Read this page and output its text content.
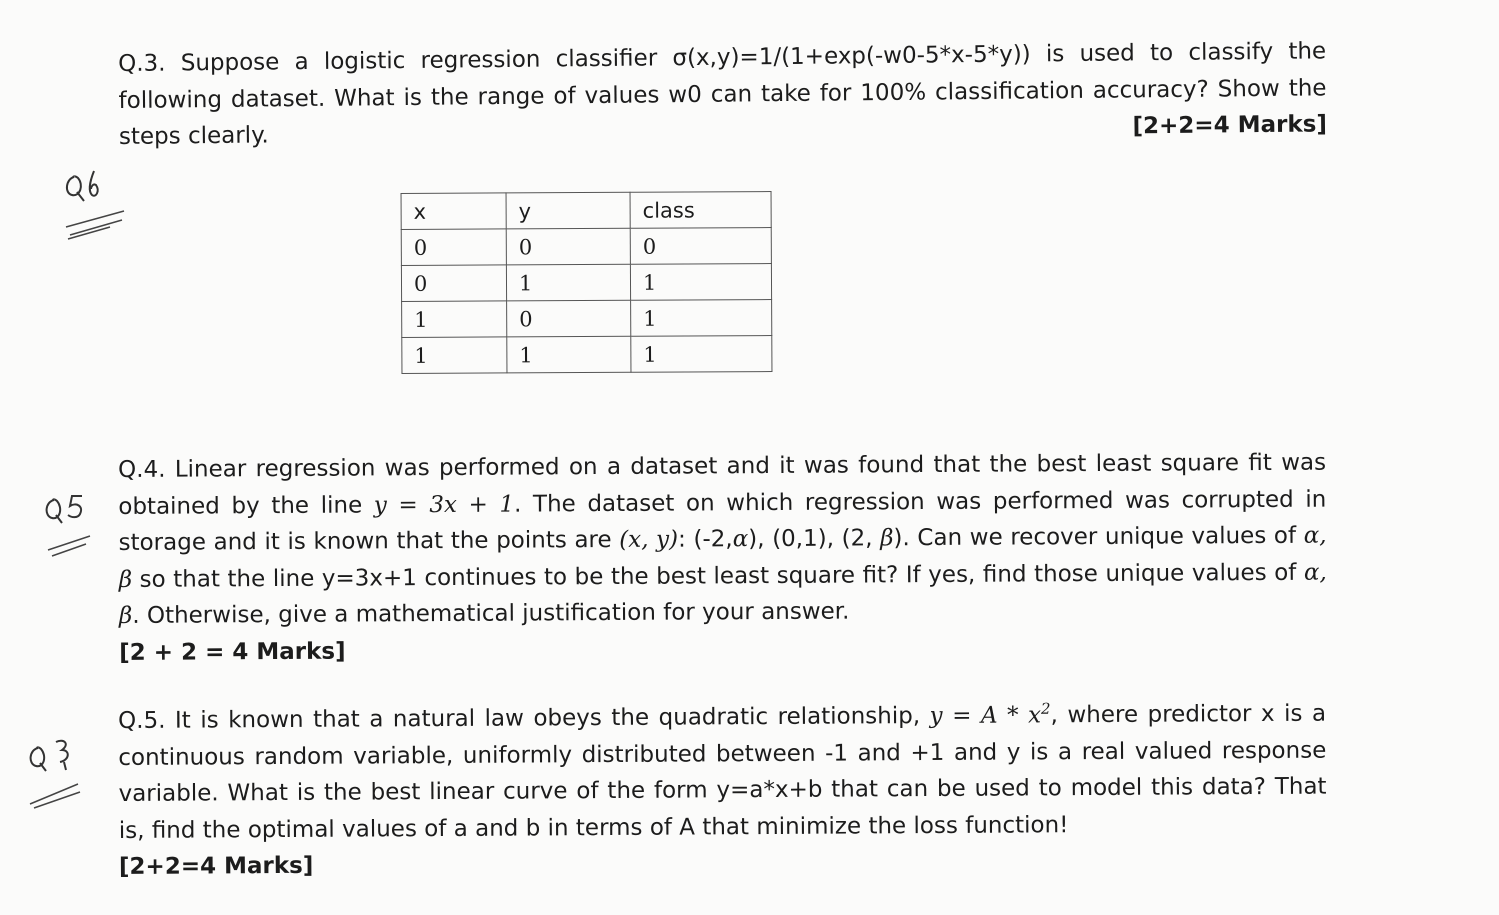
Q.3. Suppose a logistic regression classifier σ(x,y)=1/(1+exp(-w0-5*x-5*y)) is used to classify the following dataset. What is the range of values w0 can take for 100% classification accuracy? Show the steps clearly.	[2+2=4 Marks]

x	y	class
0	0	0
0	1	1
1	0	1
1	1	1

Q.4. Linear regression was performed on a dataset and it was found that the best least square fit was obtained by the line y = 3x + 1. The dataset on which regression was performed was corrupted in storage and it is known that the points are (x, y): (-2,α), (0,1), (2, β). Can we recover unique values of α, β so that the line y=3x+1 continues to be the best least square fit? If yes, find those unique values of α, β. Otherwise, give a mathematical justification for your answer.

[2 + 2 = 4 Marks]

Q.5. It is known that a natural law obeys the quadratic relationship, $y = A * x^2$, where predictor x is a continuous random variable, uniformly distributed between -1 and +1 and y is a real valued response variable. What is the best linear curve of the form y=a*x+b that can be used to model this data? That is, find the optimal values of a and b in terms of A that minimize the loss function!

[2+2=4 Marks]
